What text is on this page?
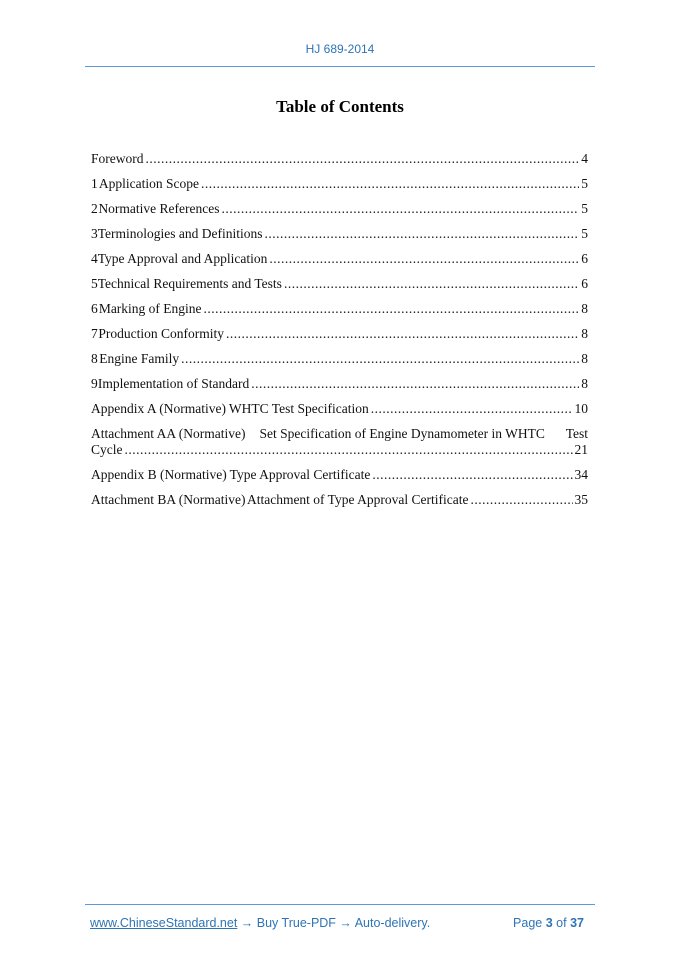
HJ 689-2014
Table of Contents
Foreword .....	4
1 Application Scope .....	5
2 Normative References .....	5
3 Terminologies and Definitions .....	5
4 Type Approval and Application .....	6
5 Technical Requirements and Tests .....	6
6 Marking of Engine .....	8
7 Production Conformity .....	8
8 Engine Family .....	8
9 Implementation of Standard .....	8
Appendix A (Normative) WHTC Test Specification .....	10
Attachment AA (Normative) Set Specification of Engine Dynamometer in WHTC Test
Cycle .....	21
Appendix B (Normative) Type Approval Certificate .....	34
Attachment BA (Normative) Attachment of Type Approval Certificate .....	35
www.ChineseStandard.net → Buy True-PDF → Auto-delivery.	Page 3 of 37
